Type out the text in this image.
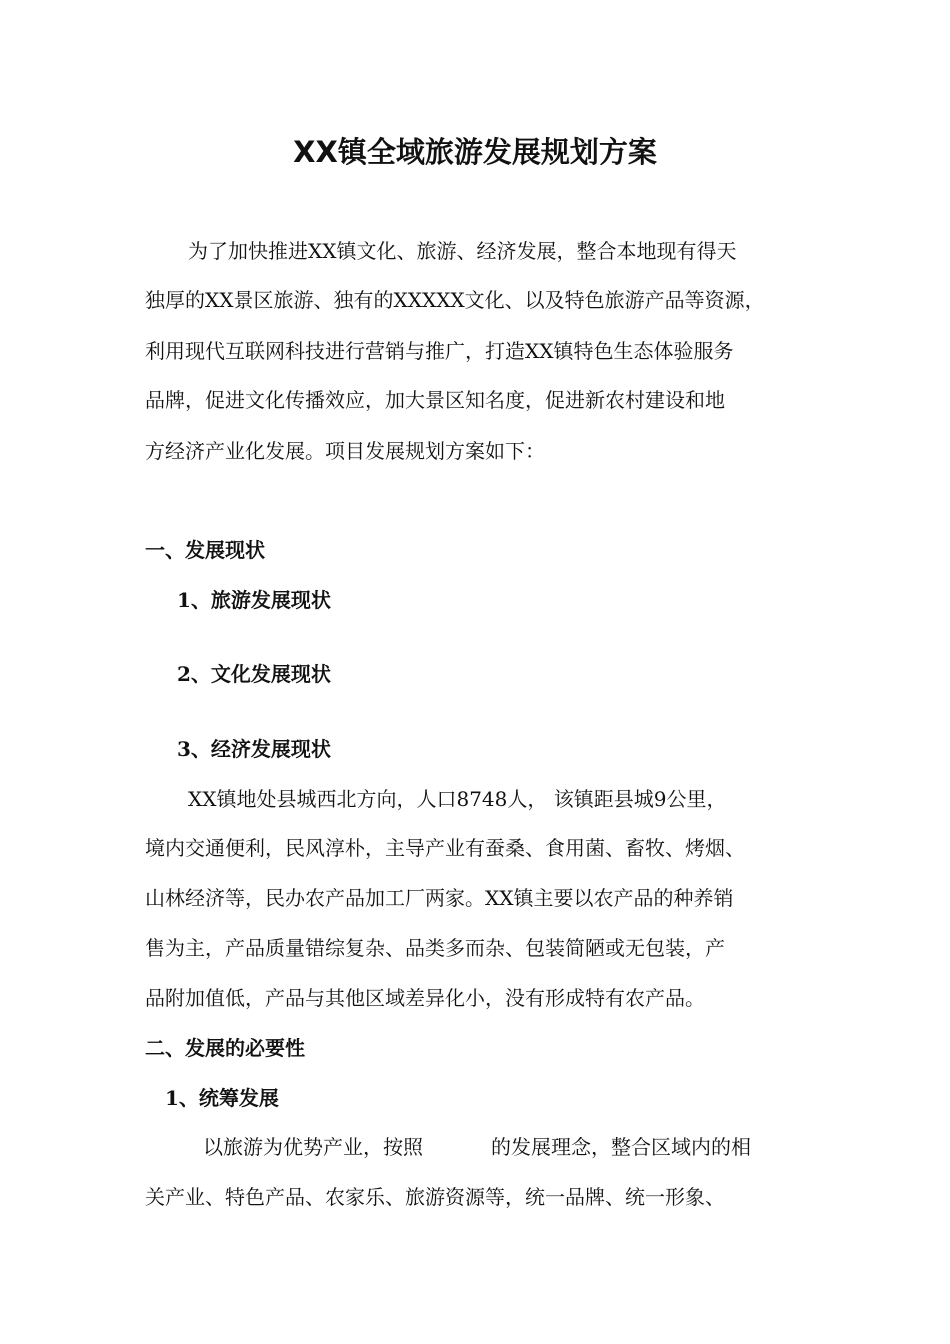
XX镇全域旅游发展规划方案
为了加快推进XX镇文化、旅游、经济发展，整合本地现有得天
独厚的XX景区旅游、独有的XXXXX文化、以及特色旅游产品等资源，
利用现代互联网科技进行营销与推广，打造XX镇特色生态体验服务
品牌，促进文化传播效应，加大景区知名度，促进新农村建设和地
方经济产业化发展。项目发展规划方案如下：
一、发展现状
1、旅游发展现状
2、文化发展现状
3、经济发展现状
XX镇地处县城西北方向，人口8748人， 该镇距县城9公里，
境内交通便利，民风淳朴，主导产业有蚕桑、食用菌、畜牧、烤烟、
山林经济等，民办农产品加工厂两家。XX镇主要以农产品的种养销
售为主，产品质量错综复杂、品类多而杂、包装简陋或无包装，产
品附加值低，产品与其他区域差异化小，没有形成特有农产品。
二、发展的必要性
1、统筹发展
以旅游为优势产业，按照	的发展理念，整合区域内的相
关产业、特色产品、农家乐、旅游资源等，统一品牌、统一形象、
